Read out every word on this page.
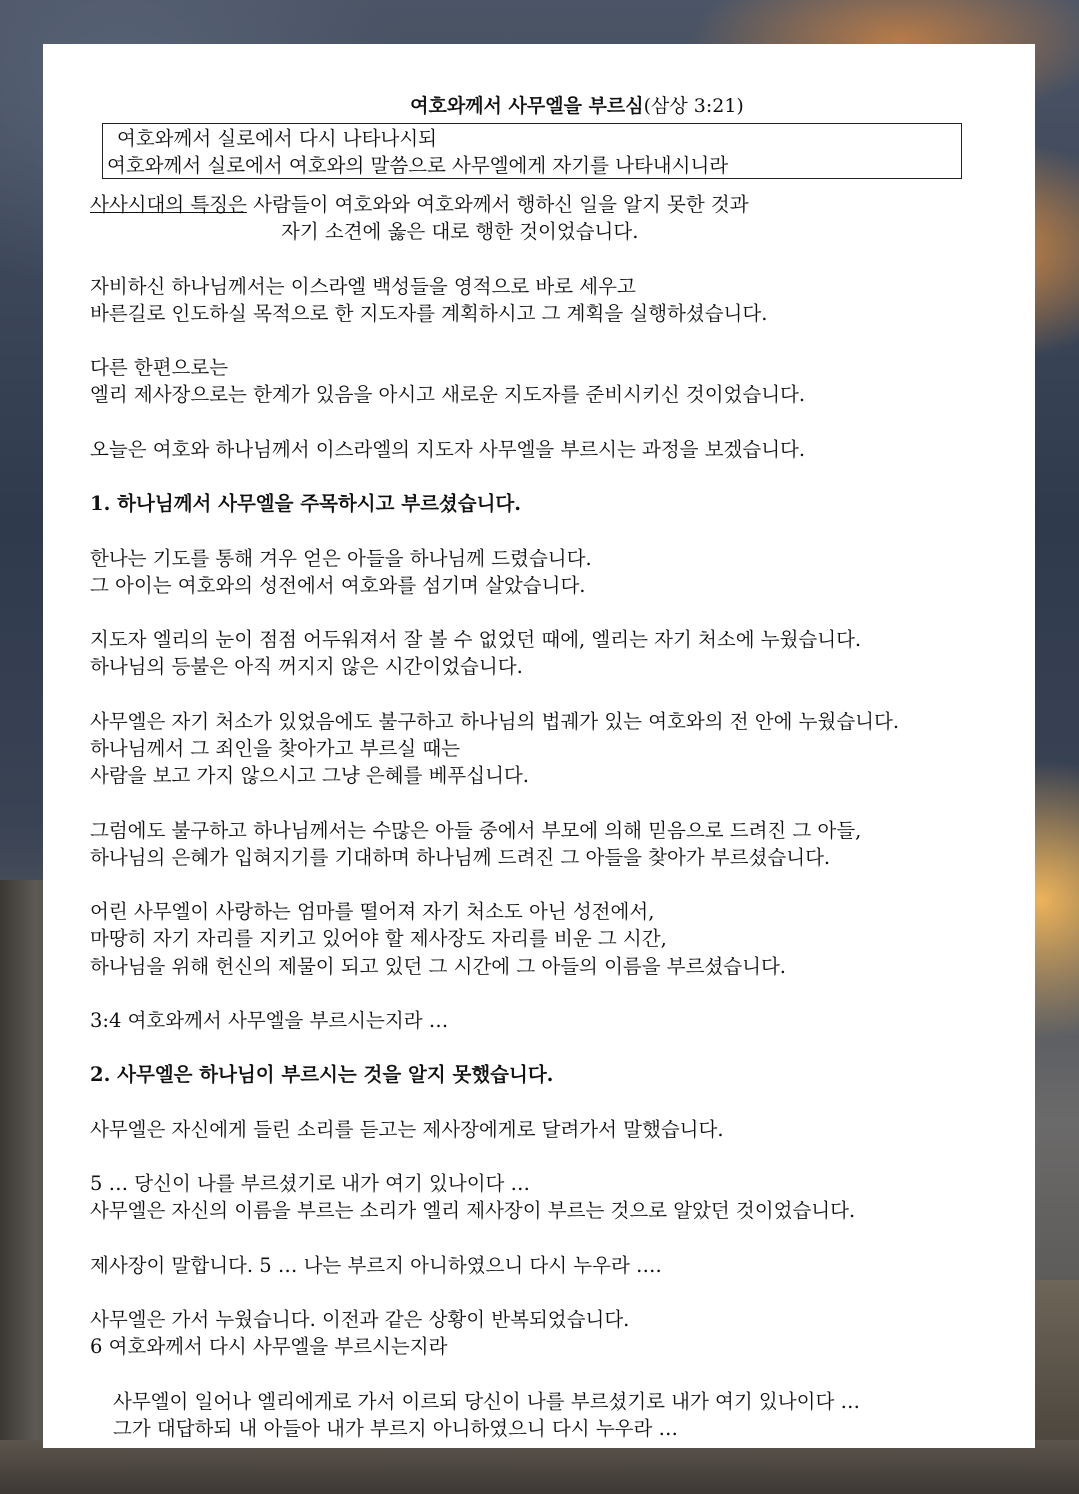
여호와께서 사무엘을 부르심(삼상 3:21)
여호와께서 실로에서 다시 나타나시되
여호와께서 실로에서 여호와의 말씀으로 사무엘에게 자기를 나타내시니라

사사시대의 특징은 사람들이 여호와와 여호와께서 행하신 일을 알지 못한 것과

자기 소견에 옳은 대로 행한 것이었습니다.

자비하신 하나님께서는 이스라엘 백성들을 영적으로 바로 세우고

바른길로 인도하실 목적으로 한 지도자를 계획하시고 그 계획을 실행하셨습니다.

다른 한편으로는

엘리 제사장으로는 한계가 있음을 아시고 새로운 지도자를 준비시키신 것이었습니다.

오늘은 여호와 하나님께서 이스라엘의 지도자 사무엘을 부르시는 과정을 보겠습니다.

1. 하나님께서 사무엘을 주목하시고 부르셨습니다.

한나는 기도를 통해 겨우 얻은 아들을 하나님께 드렸습니다.

그 아이는 여호와의 성전에서 여호와를 섬기며 살았습니다.

지도자 엘리의 눈이 점점 어두워져서 잘 볼 수 없었던 때에, 엘리는 자기 처소에 누웠습니다.

하나님의 등불은 아직 꺼지지 않은 시간이었습니다.

사무엘은 자기 처소가 있었음에도 불구하고 하나님의 법궤가 있는 여호와의 전 안에 누웠습니다.

하나님께서 그 죄인을 찾아가고 부르실 때는

사람을 보고 가지 않으시고 그냥 은혜를 베푸십니다.

그럼에도 불구하고 하나님께서는 수많은 아들 중에서 부모에 의해 믿음으로 드려진 그 아들,

하나님의 은혜가 입혀지기를 기대하며 하나님께 드려진 그 아들을 찾아가 부르셨습니다.

어린 사무엘이 사랑하는 엄마를 떨어져 자기 처소도 아닌 성전에서,

마땅히 자기 자리를 지키고 있어야 할 제사장도 자리를 비운 그 시간,

하나님을 위해 헌신의 제물이 되고 있던 그 시간에 그 아들의 이름을 부르셨습니다.

3:4 여호와께서 사무엘을 부르시는지라 …

2. 사무엘은 하나님이 부르시는 것을 알지 못했습니다.

사무엘은 자신에게 들린 소리를 듣고는 제사장에게로 달려가서 말했습니다.

5 … 당신이 나를 부르셨기로 내가 여기 있나이다 …

사무엘은 자신의 이름을 부르는 소리가 엘리 제사장이 부르는 것으로 알았던 것이었습니다.

제사장이 말합니다. 5 … 나는 부르지 아니하였으니 다시 누우라 ….

사무엘은 가서 누웠습니다. 이전과 같은 상황이 반복되었습니다.

6 여호와께서 다시 사무엘을 부르시는지라

사무엘이 일어나 엘리에게로 가서 이르되 당신이 나를 부르셨기로 내가 여기 있나이다 …

그가 대답하되 내 아들아 내가 부르지 아니하였으니 다시 누우라 …
